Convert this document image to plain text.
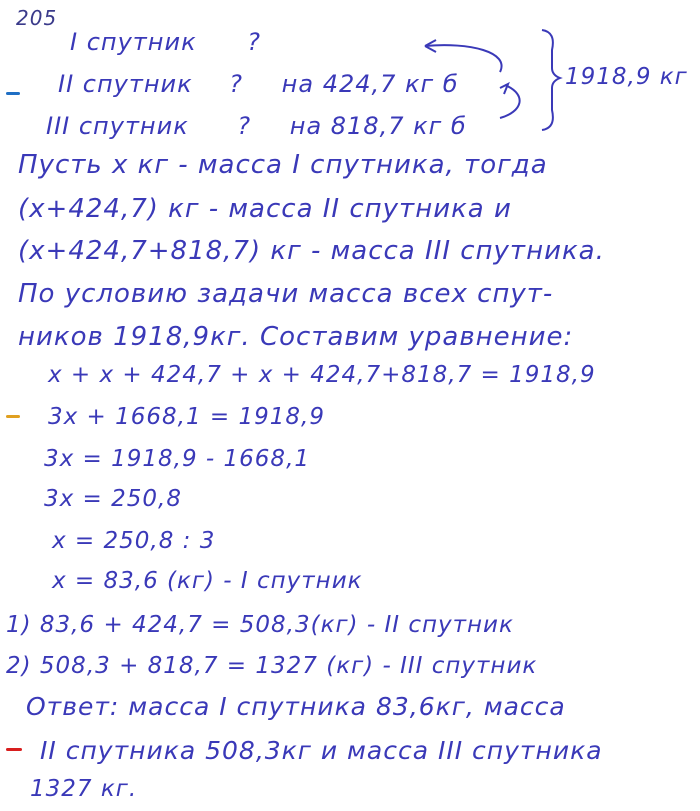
205
I спутник ?
II спутник ? на 424,7 кг б
III спутник ? на 818,7 кг б
1918,9 кг
Пусть х кг - масса I спутника, тогда
(х+424,7) кг - масса II спутника и
(х+424,7+818,7) кг - масса III спутника.
По условию задачи масса всех спут-
ников 1918,9кг. Составим уравнение:
х + х + 424,7 + х + 424,7+818,7 = 1918,9
3х + 1668,1 = 1918,9
3х = 1918,9 - 1668,1
3х = 250,8
х = 250,8 : 3
х = 83,6 (кг) - I спутник
1) 83,6 + 424,7 = 508,3(кг) - II спутник
2) 508,3 + 818,7 = 1327 (кг) - III спутник
Ответ: масса I спутника 83,6кг, масса
II спутника 508,3кг и масса III спутника
1327 кг.
